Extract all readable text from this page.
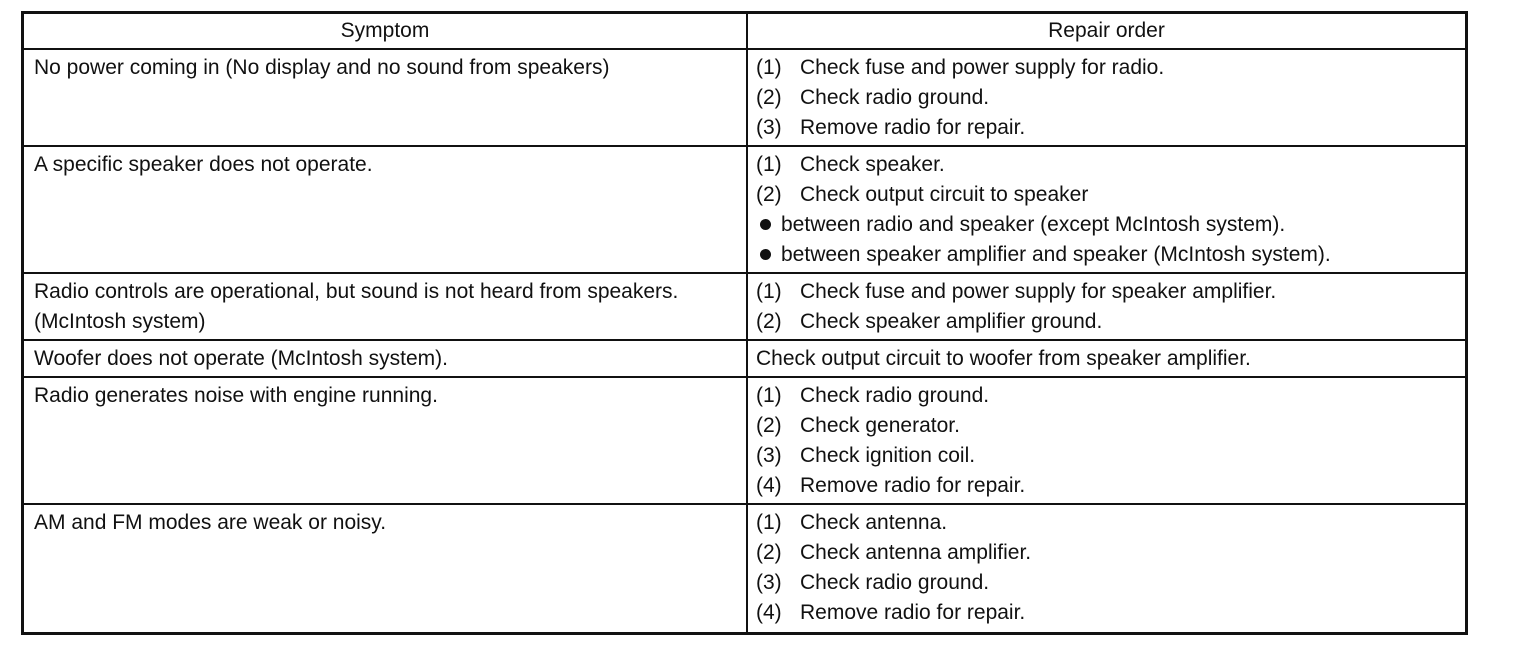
Symptom	Repair order
No power coming in (No display and no sound from speakers)	(1) Check fuse and power supply for radio.
(2) Check radio ground.
(3) Remove radio for repair.

A specific speaker does not operate.	(1) Check speaker.
(2) Check output circuit to speaker
between radio and speaker (except McIntosh system).
between speaker amplifier and speaker (McIntosh system).

Radio controls are operational, but sound is not heard from speakers. (McIntosh system)	(1) Check fuse and power supply for speaker amplifier.
(2) Check speaker amplifier ground.

Woofer does not operate (McIntosh system).	Check output circuit to woofer from speaker amplifier.

Radio generates noise with engine running.	(1) Check radio ground.
(2) Check generator.
(3) Check ignition coil.
(4) Remove radio for repair.

AM and FM modes are weak or noisy.	(1) Check antenna.
(2) Check antenna amplifier.
(3) Check radio ground.
(4) Remove radio for repair.
